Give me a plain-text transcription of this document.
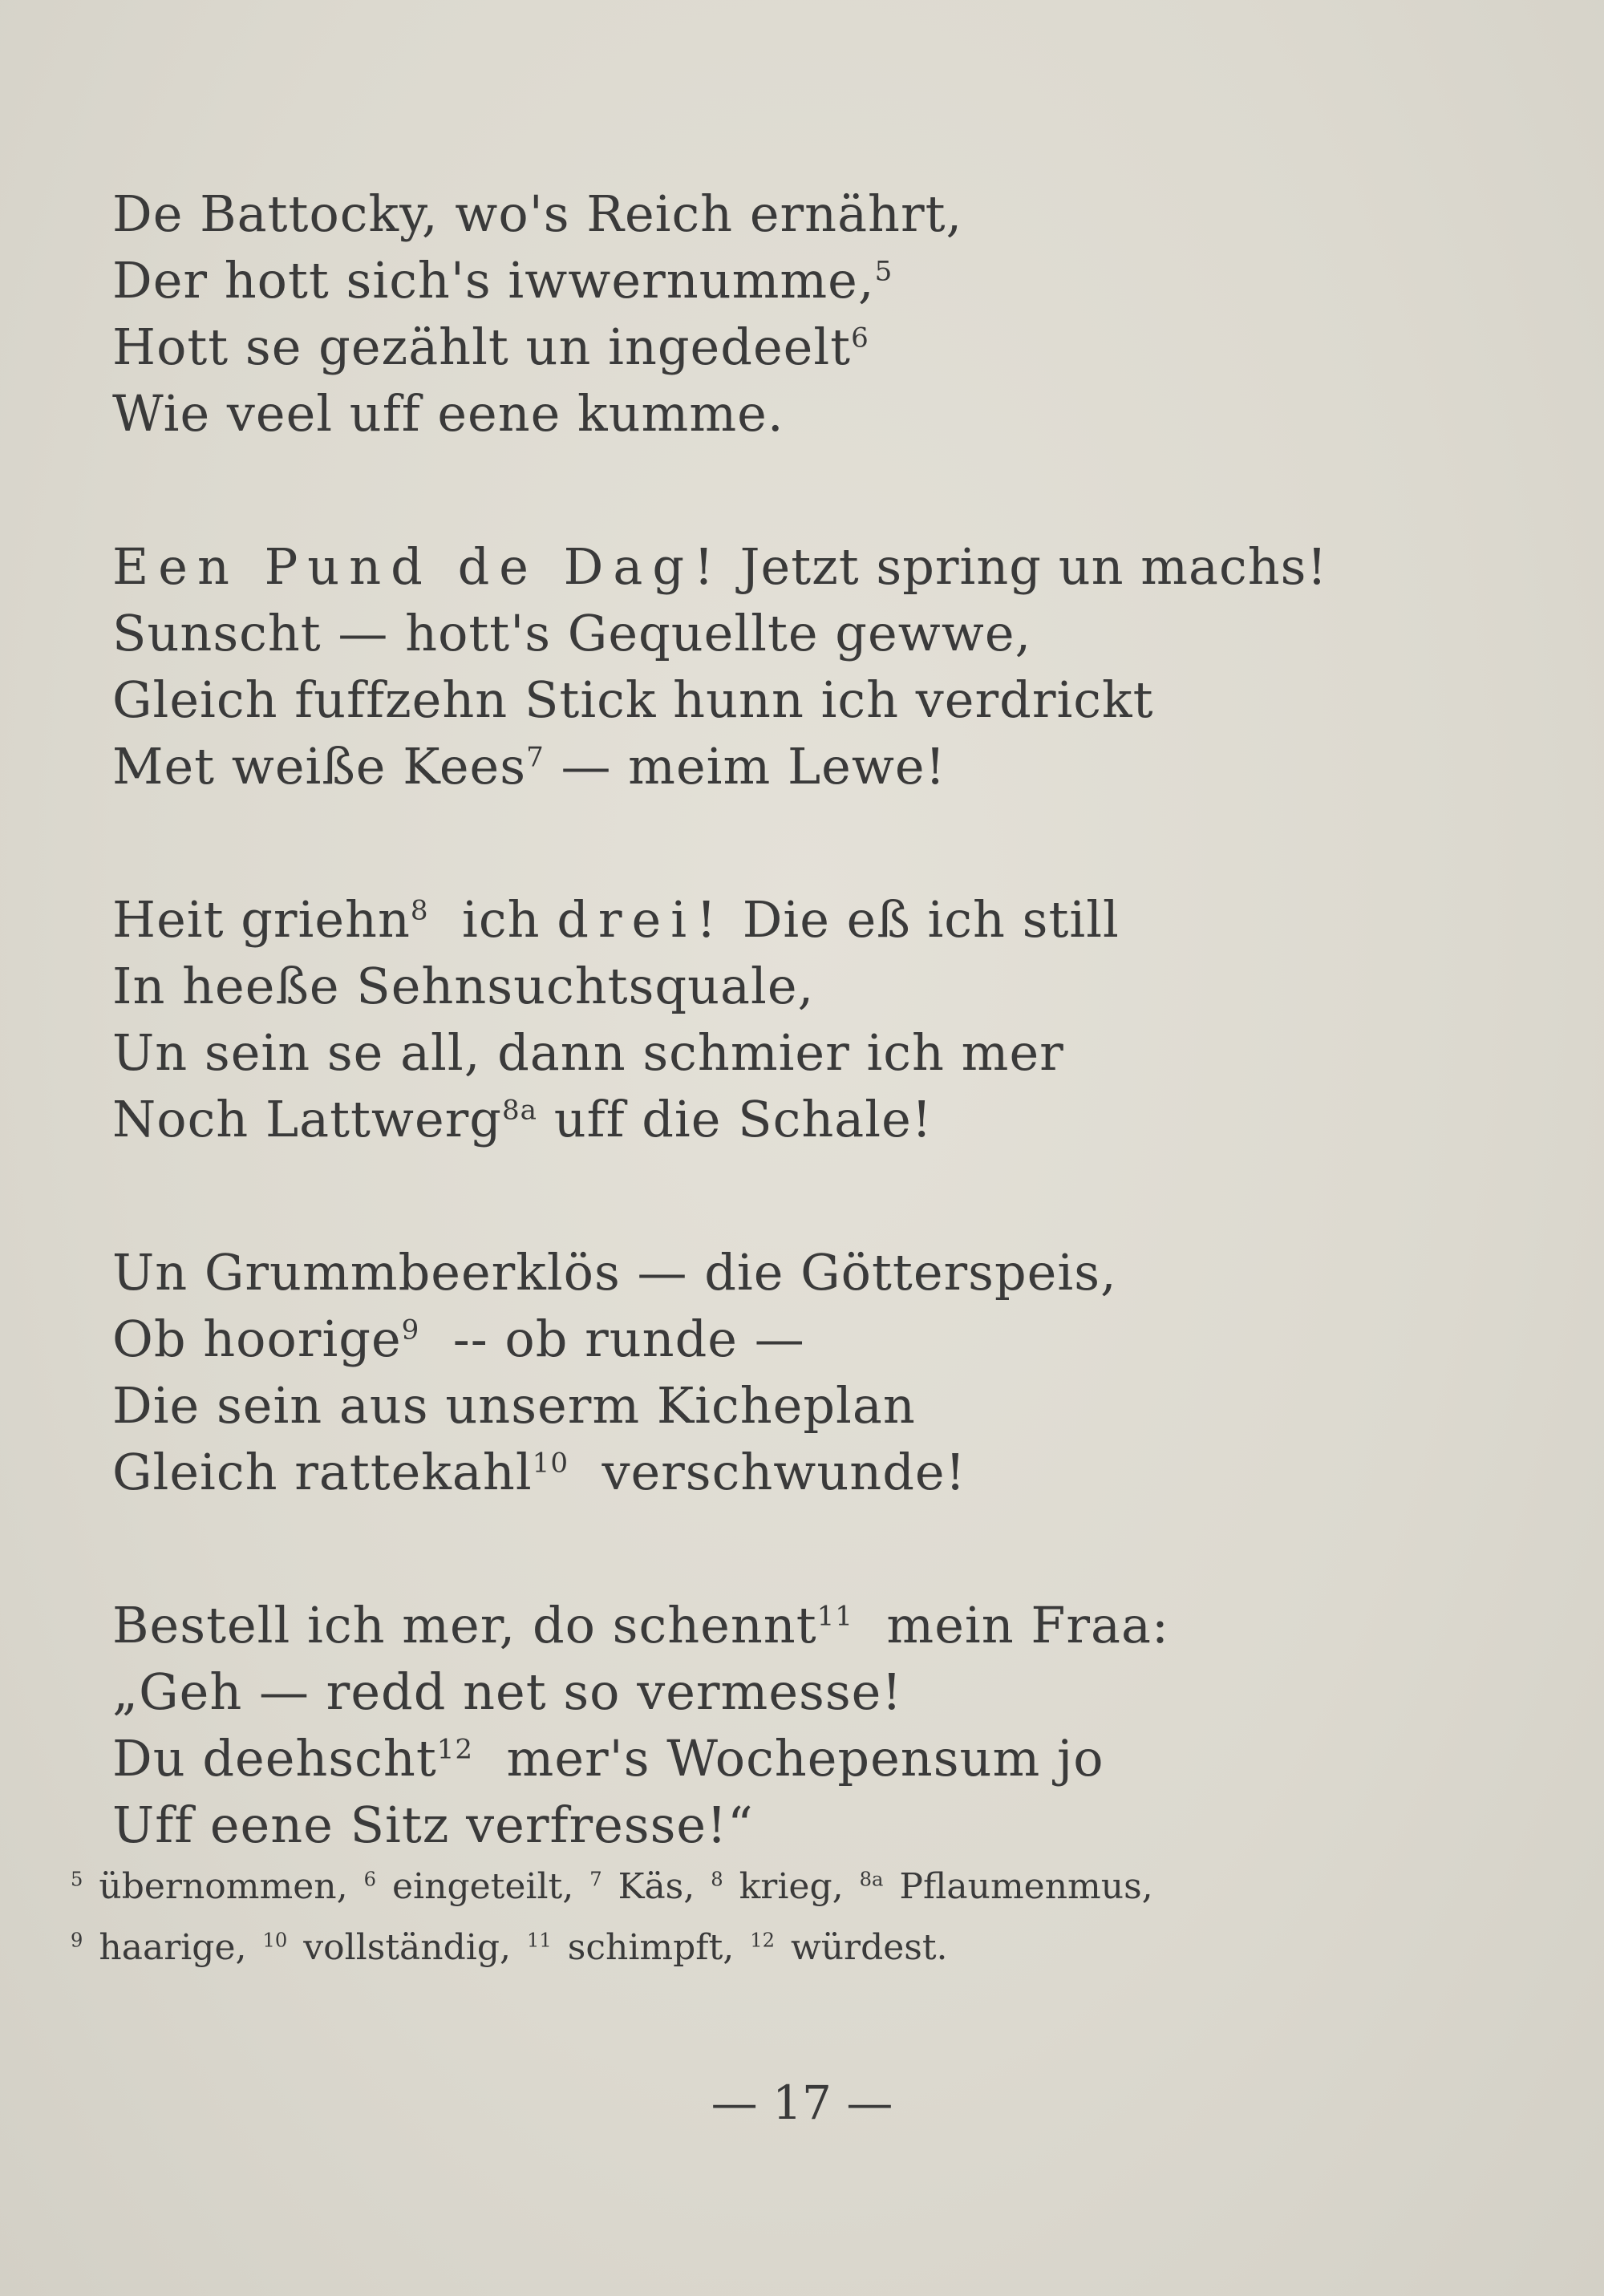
De Battocky, wo's Reich ernährt,
Der hott sich's iwwernumme,$^5$
Hott se gezählt un ingedeelt$^6$
Wie veel uff eene kumme.
Een Pund de Dag! Jetzt spring un machs!
Sunscht — hott's Gequellte gewwe,
Gleich fuffzehn Stick hunn ich verdrickt
Met weiße Kees$^7$ — meim Lewe!
Heit griehn$^8$  ich drei! Die eß ich still
In heeße Sehnsuchtsquale,
Un sein se all, dann schmier ich mer
Noch Lattwerg$^{8a}$ uff die Schale!
Un Grummbeerklös — die Götterspeis,
Ob hoorige$^9$  -- ob runde —
Die sein aus unserm Kicheplan
Gleich rattekahl$^{10}$  verschwunde!
Bestell ich mer, do schennt$^{11}$  mein Fraa:
„Geh — redd net so vermesse!
Du deehscht$^{12}$  mer's Wochepensum jo
Uff eene Sitz verfresse!“
$^5$ übernommen, $^6$ eingeteilt, $^7$ Käs, $^8$ krieg, $^{8a}$ Pflaumenmus,
$^9$ haarige, $^{10}$ vollständig, $^{11}$ schimpft, $^{12}$ würdest.
— 17 —
